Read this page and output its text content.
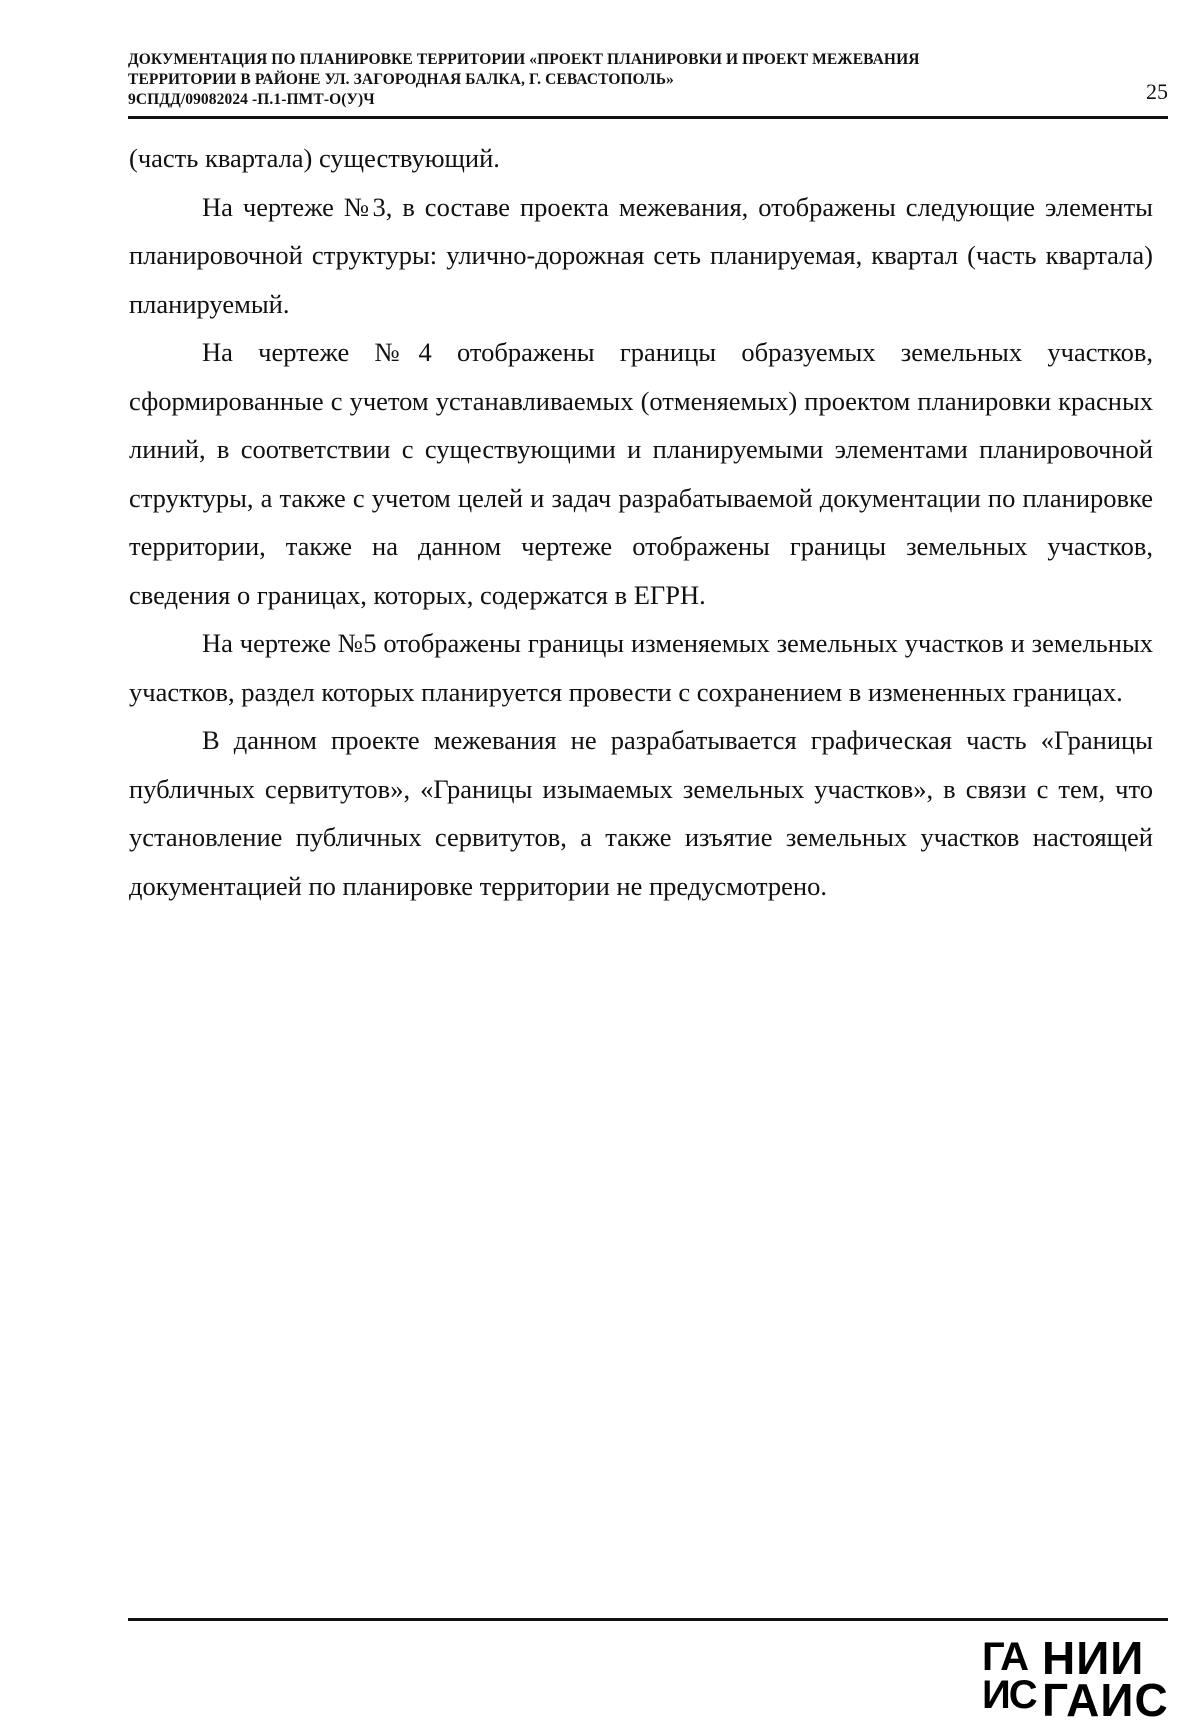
ДОКУМЕНТАЦИЯ ПО ПЛАНИРОВКЕ ТЕРРИТОРИИ «ПРОЕКТ ПЛАНИРОВКИ И ПРОЕКТ МЕЖЕВАНИЯ
ТЕРРИТОРИИ В РАЙОНЕ УЛ. ЗАГОРОДНАЯ БАЛКА, Г. СЕВАСТОПОЛЬ»
9СПДД/09082024 -П.1-ПМТ-О(У)Ч	25

(часть квартала) существующий.

На чертеже №3, в составе проекта межевания, отображены следующие элементы планировочной структуры: улично-дорожная сеть планируемая, квартал (часть квартала) планируемый.

На чертеже №4 отображены границы образуемых земельных участков, сформированные с учетом устанавливаемых (отменяемых) проектом планировки красных линий, в соответствии с существующими и планируемыми элементами планировочной структуры, а также с учетом целей и задач разрабатываемой документации по планировке территории, также на данном чертеже отображены границы земельных участков, сведения о границах, которых, содержатся в ЕГРН.

На чертеже №5 отображены границы изменяемых земельных участков и земельных участков, раздел которых планируется провести с сохранением в измененных границах.

В данном проекте межевания не разрабатывается графическая часть «Границы публичных сервитутов», «Границы изымаемых земельных участков», в связи с тем, что установление публичных сервитутов, а также изъятие земельных участков настоящей документацией по планировке территории не предусмотрено.

ГА НИИ
ИС ГАИС
